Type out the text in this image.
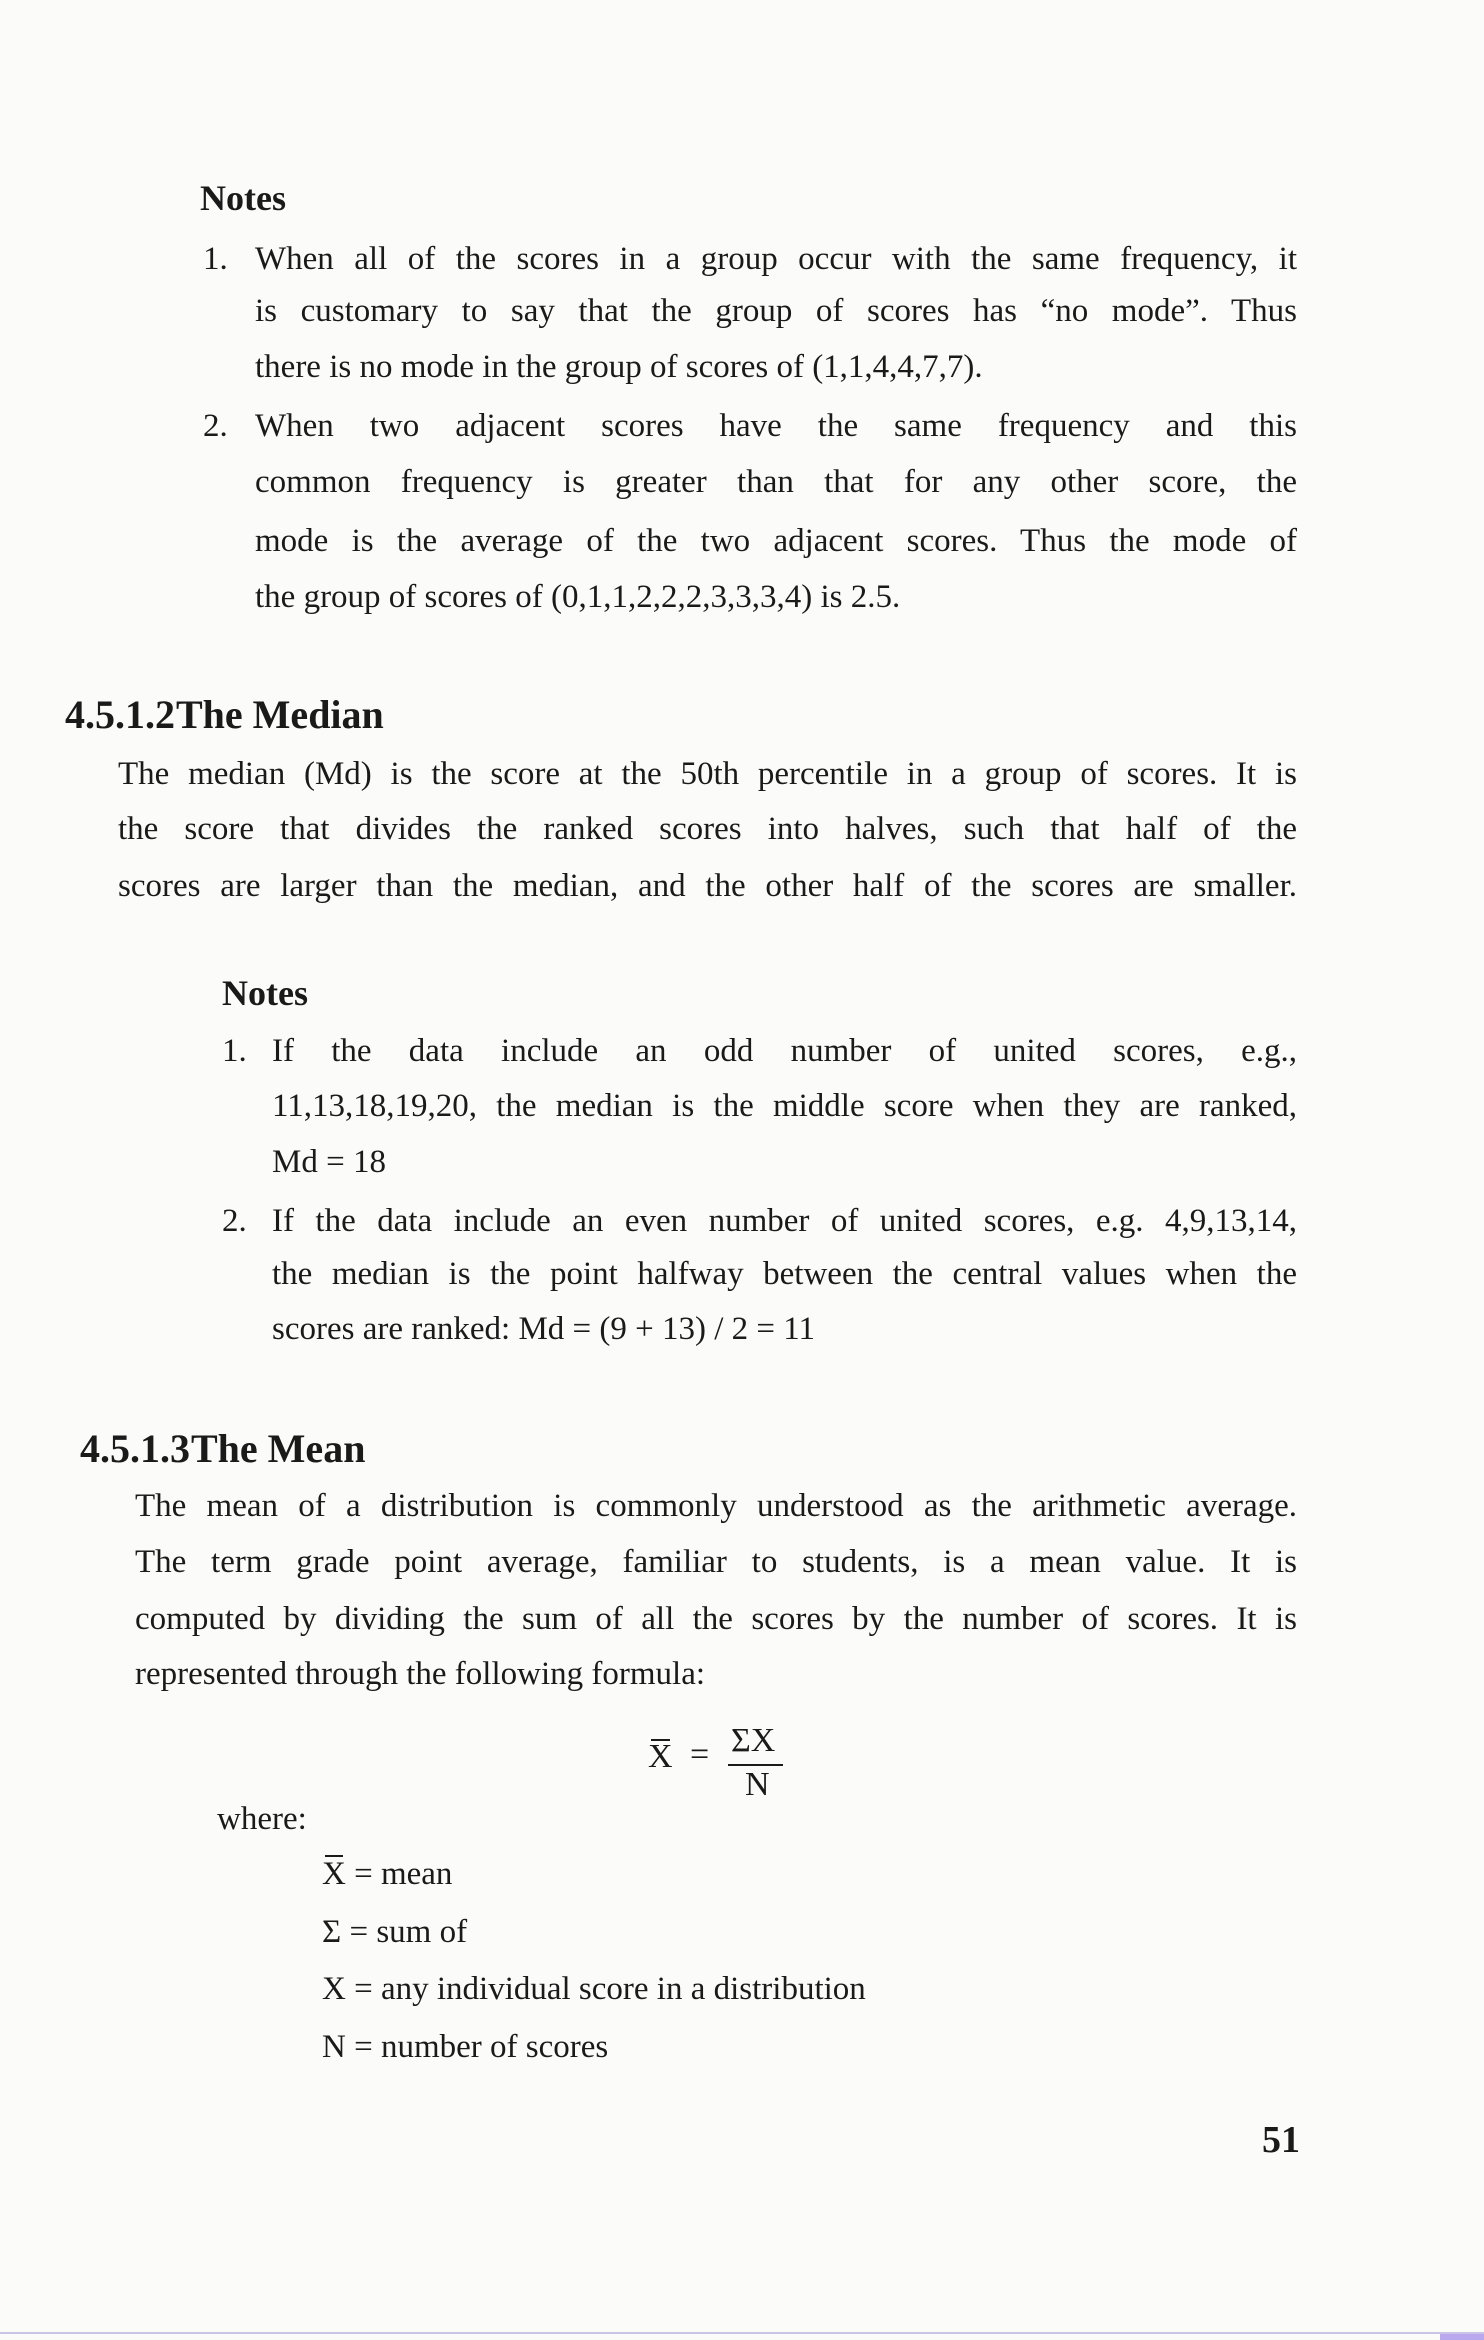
Notes
1. When all of the scores in a group occur with the same frequency, it
is customary to say that the group of scores has “no mode”. Thus
there is no mode in the group of scores of (1,1,4,4,7,7).
2. When two adjacent scores have the same frequency and this
common frequency is greater than that for any other score, the
mode is the average of the two adjacent scores. Thus the mode of
the group of scores of (0,1,1,2,2,2,3,3,3,4) is 2.5.
4.5.1.2The Median
The median (Md) is the score at the 50th percentile in a group of scores. It is
the score that divides the ranked scores into halves, such that half of the
scores are larger than the median, and the other half of the scores are smaller.
Notes
1. If the data include an odd number of united scores, e.g.,
11,13,18,19,20, the median is the middle score when they are ranked,
Md = 18
2. If the data include an even number of united scores, e.g. 4,9,13,14,
the median is the point halfway between the central values when the
scores are ranked: Md = (9 + 13) / 2 = 11
4.5.1.3The Mean
The mean of a distribution is commonly understood as the arithmetic average.
The term grade point average, familiar to students, is a mean value. It is
computed by dividing the sum of all the scores by the number of scores. It is
represented through the following formula:
X = ΣX
N
where:
X = mean
Σ = sum of
X = any individual score in a distribution
N = number of scores
51
